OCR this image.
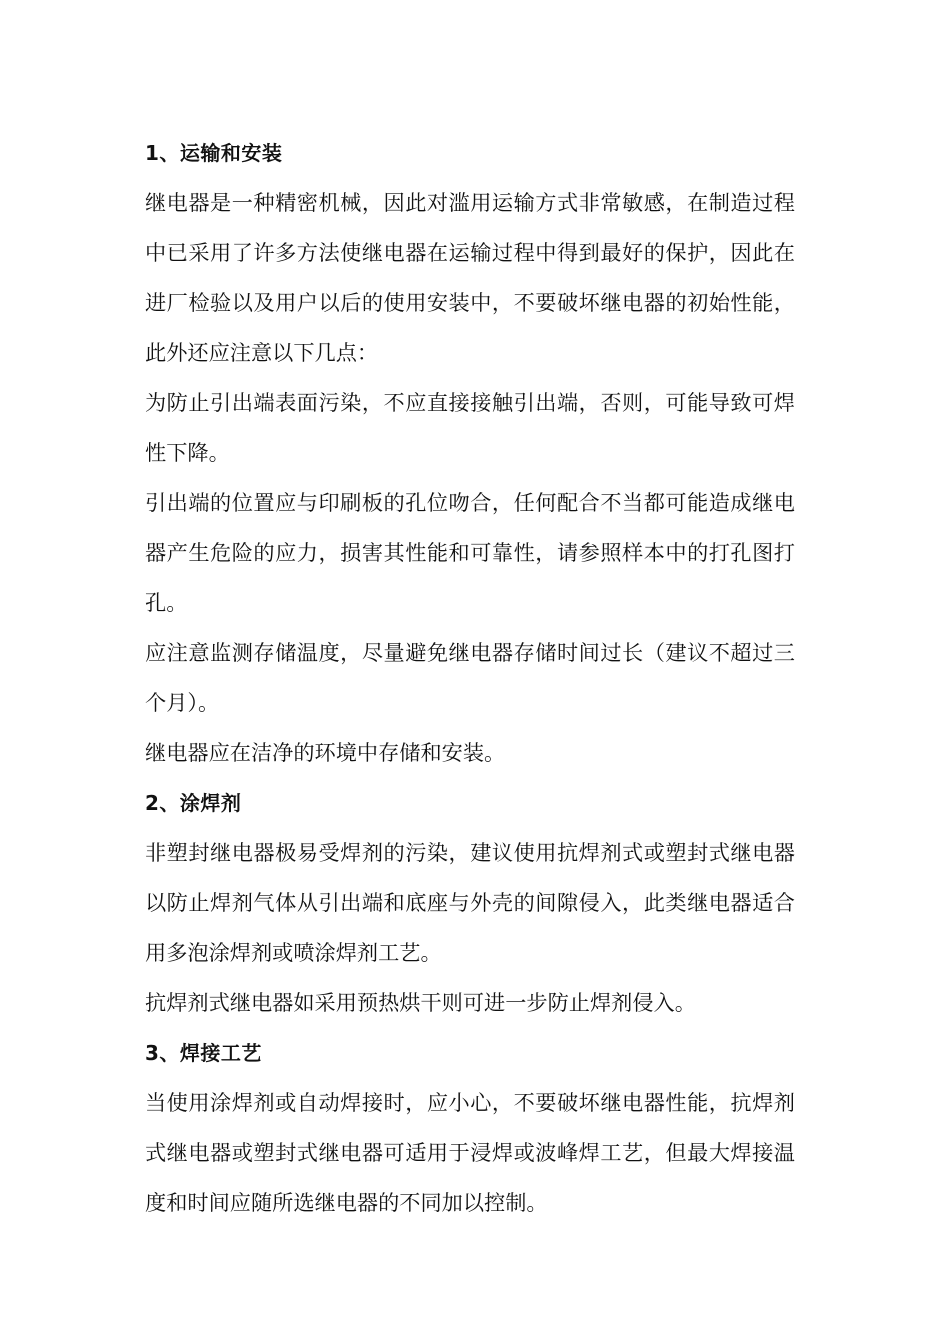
1、运输和安装

继电器是一种精密机械，因此对滥用运输方式非常敏感，在制造过程中已采用了许多方法使继电器在运输过程中得到最好的保护，因此在进厂检验以及用户以后的使用安装中，不要破坏继电器的初始性能，此外还应注意以下几点：

为防止引出端表面污染，不应直接接触引出端，否则，可能导致可焊性下降。

引出端的位置应与印刷板的孔位吻合，任何配合不当都可能造成继电器产生危险的应力，损害其性能和可靠性，请参照样本中的打孔图打孔。

应注意监测存储温度，尽量避免继电器存储时间过长（建议不超过三个月）。

继电器应在洁净的环境中存储和安装。

2、涂焊剂

非塑封继电器极易受焊剂的污染，建议使用抗焊剂式或塑封式继电器以防止焊剂气体从引出端和底座与外壳的间隙侵入，此类继电器适合用多泡涂焊剂或喷涂焊剂工艺。

抗焊剂式继电器如采用预热烘干则可进一步防止焊剂侵入。

3、焊接工艺

当使用涂焊剂或自动焊接时，应小心，不要破坏继电器性能，抗焊剂式继电器或塑封式继电器可适用于浸焊或波峰焊工艺，但最大焊接温度和时间应随所选继电器的不同加以控制。
